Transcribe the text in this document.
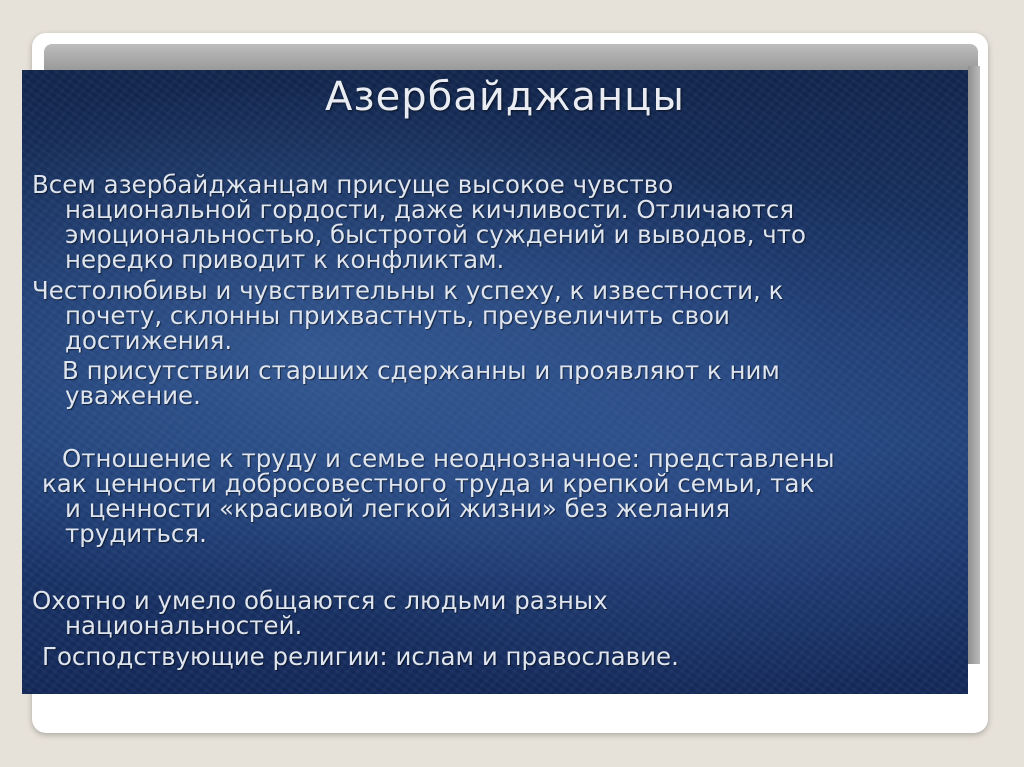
Азербайджанцы
Всем азербайджанцам присуще высокое чувство
национальной гордости, даже кичливости. Отличаются
эмоциональностью, быстротой суждений и выводов, что
нередко приводит к конфликтам.
Честолюбивы и чувствительны к успеху, к известности, к
почету, склонны прихвастнуть, преувеличить свои
достижения.
В присутствии старших сдержанны и проявляют к ним
уважение.
Отношение к труду и семье неоднозначное: представлены
как ценности добросовестного труда и крепкой семьи, так
и ценности «красивой легкой жизни» без желания
трудиться.
Охотно и умело общаются с людьми разных
национальностей.
Господствующие религии: ислам и православие.
